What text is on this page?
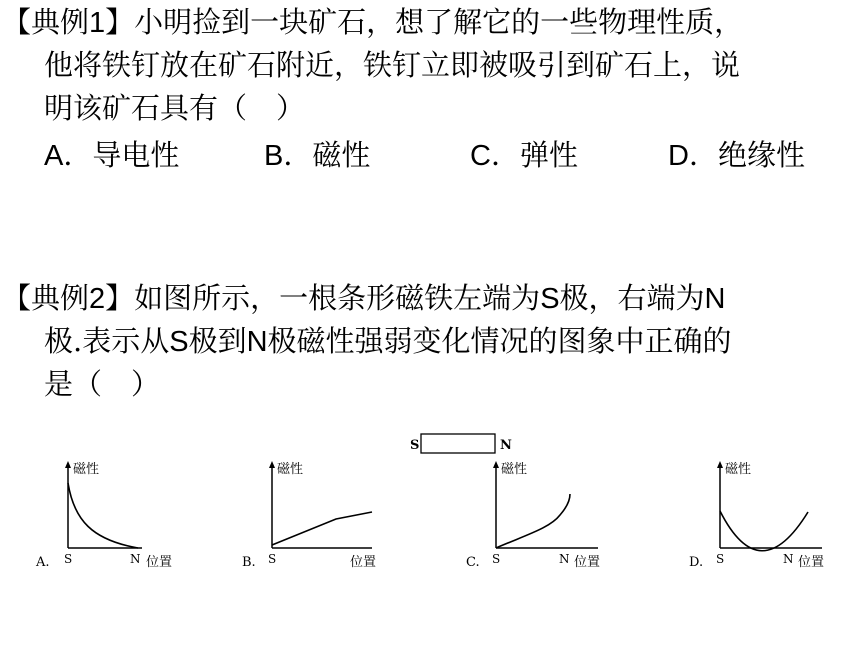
【典例1】小明捡到一块矿石，想了解它的一些物理性质，
他将铁钉放在矿石附近，铁钉立即被吸引到矿石上，说
明该矿石具有（　）
A．导电性	B．磁性	C．弹性	D．绝缘性
【典例2】如图所示，一根条形磁铁左端为S极，右端为N
极.表示从S极到N极磁性强弱变化情况的图象中正确的
是（　）
S	N
磁性
A. S	N 位置
磁性
B. S	位置
磁性
C. S	N 位置
磁性
D. S	N 位置
